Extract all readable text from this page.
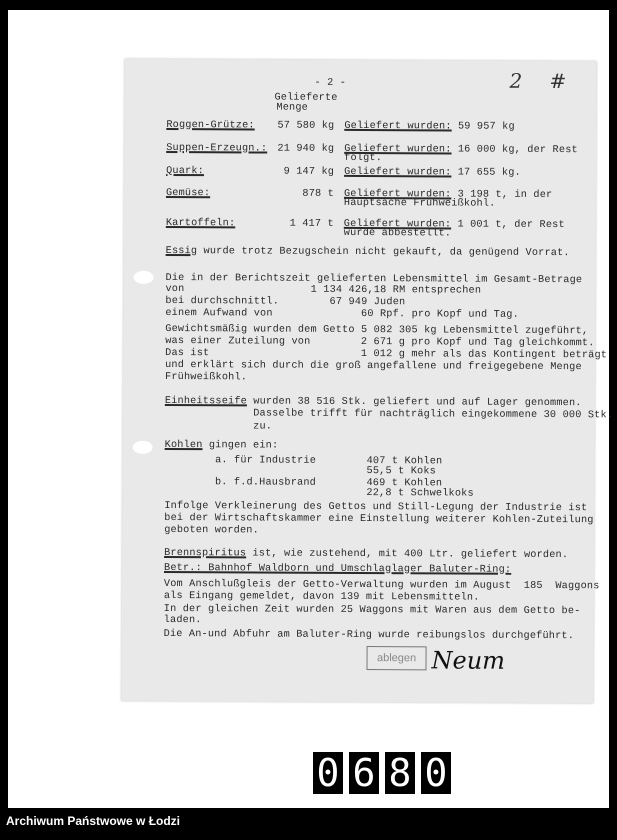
- 2 -	2 #
Gelieferte
Menge
Roggen-Grütze:	57 580 kg Geliefert wurden: 59 957 kg
Suppen-Erzeugn.: 21 940 kg Geliefert wurden: 16 000 kg, der Rest
folgt.
Quark:	9 147 kg Geliefert wurden: 17 655 kg.
Gemüse:	878 t Geliefert wurden: 3 198 t, in der
Hauptsache Frühweißkohl.
Kartoffeln:	1 417 t Geliefert wurden: 1 001 t, der Rest
wurde abbestellt.
Essig wurde trotz Bezugschein nicht gekauft, da genügend Vorrat.
Die in der Berichtszeit gelieferten Lebensmittel im Gesamt-Betrage
von                    1 134 426,18 RM entsprechen
bei durchschnittl.        67 949 Juden
einem Aufwand von              60 Rpf. pro Kopf und Tag.
Gewichtsmäßig wurden dem Getto 5 082 305 kg Lebensmittel zugeführt,
was einer Zuteilung von        2 671 g pro Kopf und Tag gleichkommt.
Das ist                        1 012 g mehr als das Kontingent beträgt
und erklärt sich durch die groß angefallene und freigegebene Menge
Frühweißkohl.
Einheitsseife wurden 38 516 Stk. geliefert und auf Lager genommen.
Dasselbe trifft für nachträglich eingekommene 30 000 Stk.
zu.
Kohlen gingen ein:
a. für Industrie        407 t Kohlen
55,5 t Koks
b. f.d.Hausbrand        469 t Kohlen
22,8 t Schwelkoks
Infolge Verkleinerung des Gettos und Still-Legung der Industrie ist
bei der Wirtschaftskammer eine Einstellung weiterer Kohlen-Zuteilung
geboten worden.
Brennspiritus ist, wie zustehend, mit 400 Ltr. geliefert worden.
Betr.: Bahnhof Waldborn und Umschlaglager Baluter-Ring:
Vom Anschlußgleis der Getto-Verwaltung wurden im August  185  Waggons
als Eingang gemeldet, davon 139 mit Lebensmitteln.
In der gleichen Zeit wurden 25 Waggons mit Waren aus dem Getto be-
laden.
Die An-und Abfuhr am Baluter-Ring wurde reibungslos durchgeführt.
ablegen Neum
0 6 8 0
Archiwum Państwowe w Łodzi
